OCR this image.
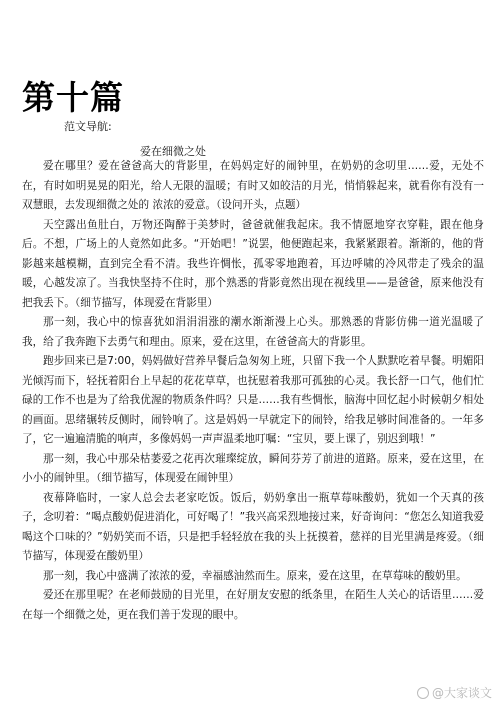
第十篇
范文导航:
爱在细微之处

爱在哪里？爱在爸爸高大的背影里，在妈妈定好的闹钟里，在奶奶的念叨里……爱，无处不在，有时如明晃晃的阳光，给人无限的温暖；有时又如皎洁的月光，悄悄躲起来，就看你有没有一双慧眼，去发现细微之处的 浓浓的爱意。（设问开头，点题）

天空露出鱼肚白，万物还陶醉于美梦时，爸爸就催我起床。我不情愿地穿衣穿鞋，跟在他身后。不想，广场上的人竟然如此多。“开始吧！”说罢，他便跑起来，我紧紧跟着。渐渐的，他的背影越来越模糊，直到完全看不清。我些许惆怅，孤零零地跑着，耳边呼啸的冷风带走了残余的温暖，心越发凉了。当我快坚持不住时，那个熟悉的背影竟然出现在视线里——是爸爸，原来他没有把我丢下。（细节描写，体现爱在背影里）

那一刻，我心中的惊喜犹如涓涓涓涨的潮水渐渐漫上心头。那熟悉的背影仿佛一道光温暖了我，给了我奔跑下去勇气和理由。原来，爱在这里，在爸爸高大的背影里。

跑步回来已是7:00，妈妈做好营养早餐后急匆匆上班，只留下我一个人默默吃着早餐。明媚阳光倾泻而下，轻抚着阳台上早起的花花草草，也抚慰着我那可孤独的心灵。我长舒一口气，他们忙碌的工作不也是为了给我优渥的物质条件吗？只是……我有些惆怅，脑海中回忆起小时候朝夕相处的画面。思绪辗转反侧时，闹铃响了。这是妈妈一早就定下的闹铃，给我足够时间准备的。一年多了，它一遍遍清脆的响声，多像妈妈一声声温柔地叮嘱：“宝贝，要上课了，别迟到哦！”

那一刻，我心中那朵枯萎爱之花再次璀璨绽放，瞬间芬芳了前进的道路。原来，爱在这里，在小小的闹钟里。（细节描写，体现爱在闹钟里）

夜幕降临时，一家人总会去老家吃饭。饭后，奶奶拿出一瓶草莓味酸奶，犹如一个天真的孩子，念叨着：“喝点酸奶促进消化，可好喝了！”我兴高采烈地接过来，好奇询问：“您怎么知道我爱喝这个口味的？”奶奶笑而不语，只是把手轻轻放在我的头上抚摸着，慈祥的目光里满是疼爱。（细节描写，体现爱在酸奶里）

那一刻，我心中盛满了浓浓的爱，幸福感油然而生。原来，爱在这里，在草莓味的酸奶里。

爱还在那里呢？在老师鼓励的目光里，在好朋友安慰的纸条里，在陌生人关心的话语里……爱在每一个细微之处，更在我们善于发现的眼中。

@大家谈文
